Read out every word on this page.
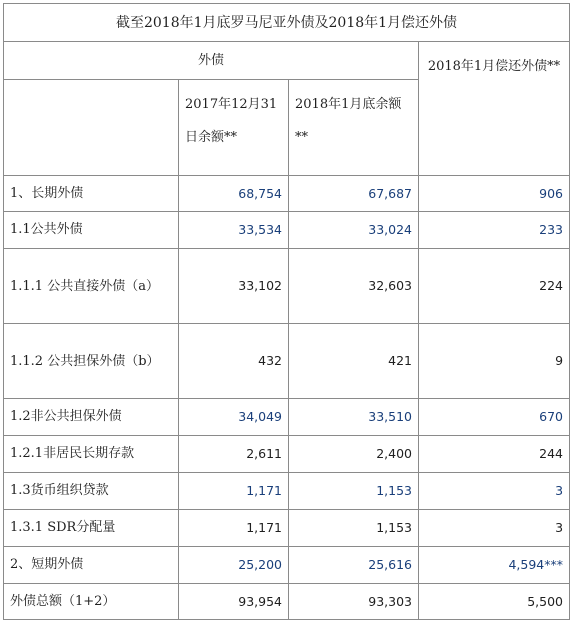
截至2018年1月底罗马尼亚外债及2018年1月偿还外债			
外债			2018年1月偿还外债**
	2017年12月31日余额**	2018年1月底余额**	
1、长期外债	68,754	67,687	906
1.1公共外债	33,534	33,024	233
1.1.1 公共直接外债（a）	33,102	32,603	224
1.1.2 公共担保外债（b）	432	421	9
1.2非公共担保外债	34,049	33,510	670
1.2.1非居民长期存款	2,611	2,400	244
1.3货币组织贷款	1,171	1,153	3
1.3.1 SDR分配量	1,171	1,153	3
2、短期外债	25,200	25,616	4,594***
外债总额（1+2）	93,954	93,303	5,500
